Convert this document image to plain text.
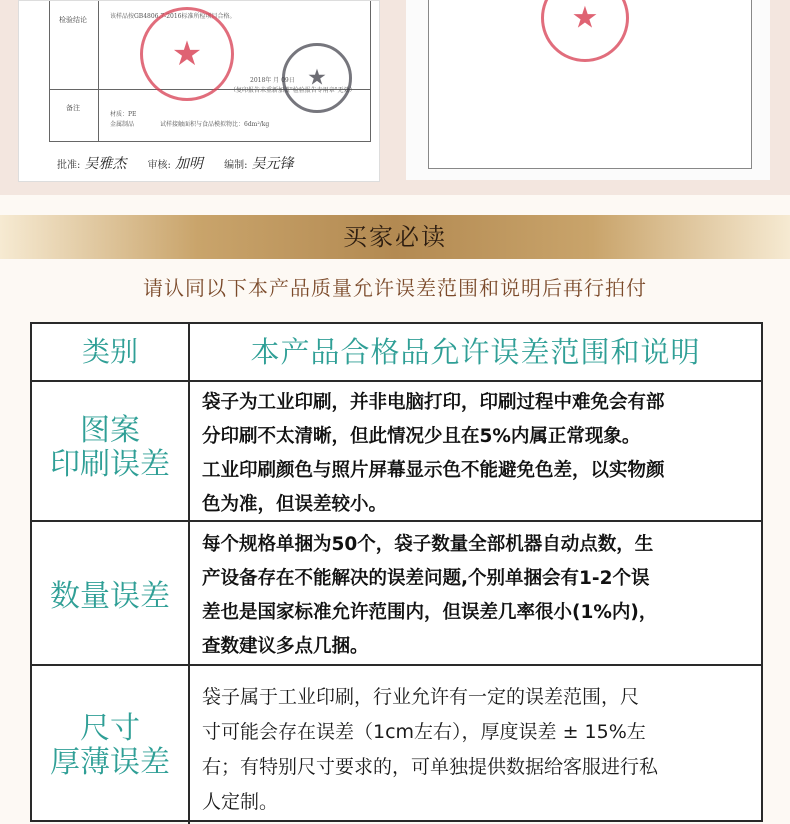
检验结论
备注
该样品按GB4806.7-2016标准所检项目合格。
2018年 月 09日
（复印报告未重新加盖"检验报告专用章"无效）
材质：PE
金属制品	试样接触面积与食品模拟物比：6dm²/kg
★
★
批准: 吴雅杰 审核: 加明 编制: 吴元锋
★
买家必读
请认同以下本产品质量允许误差范围和说明后再行拍付
类别	本产品合格品允许误差范围和说明
图案
印刷误差

袋子为工业印刷，并非电脑打印，印刷过程中难免会有部

分印刷不太清晰，但此情况少且在5%内属正常现象。

工业印刷颜色与照片屏幕显示色不能避免色差，以实物颜

色为准，但误差较小。

数量误差

每个规格单捆为50个，袋子数量全部机器自动点数，生

产设备存在不能解决的误差问题,个别单捆会有1-2个误

差也是国家标准允许范围内，但误差几率很小(1%内)，

查数建议多点几捆。

尺寸
厚薄误差

袋子属于工业印刷，行业允许有一定的误差范围，尺

寸可能会存在误差（1cm左右），厚度误差 ± 15%左

右；有特别尺寸要求的，可单独提供数据给客服进行私

人定制。
